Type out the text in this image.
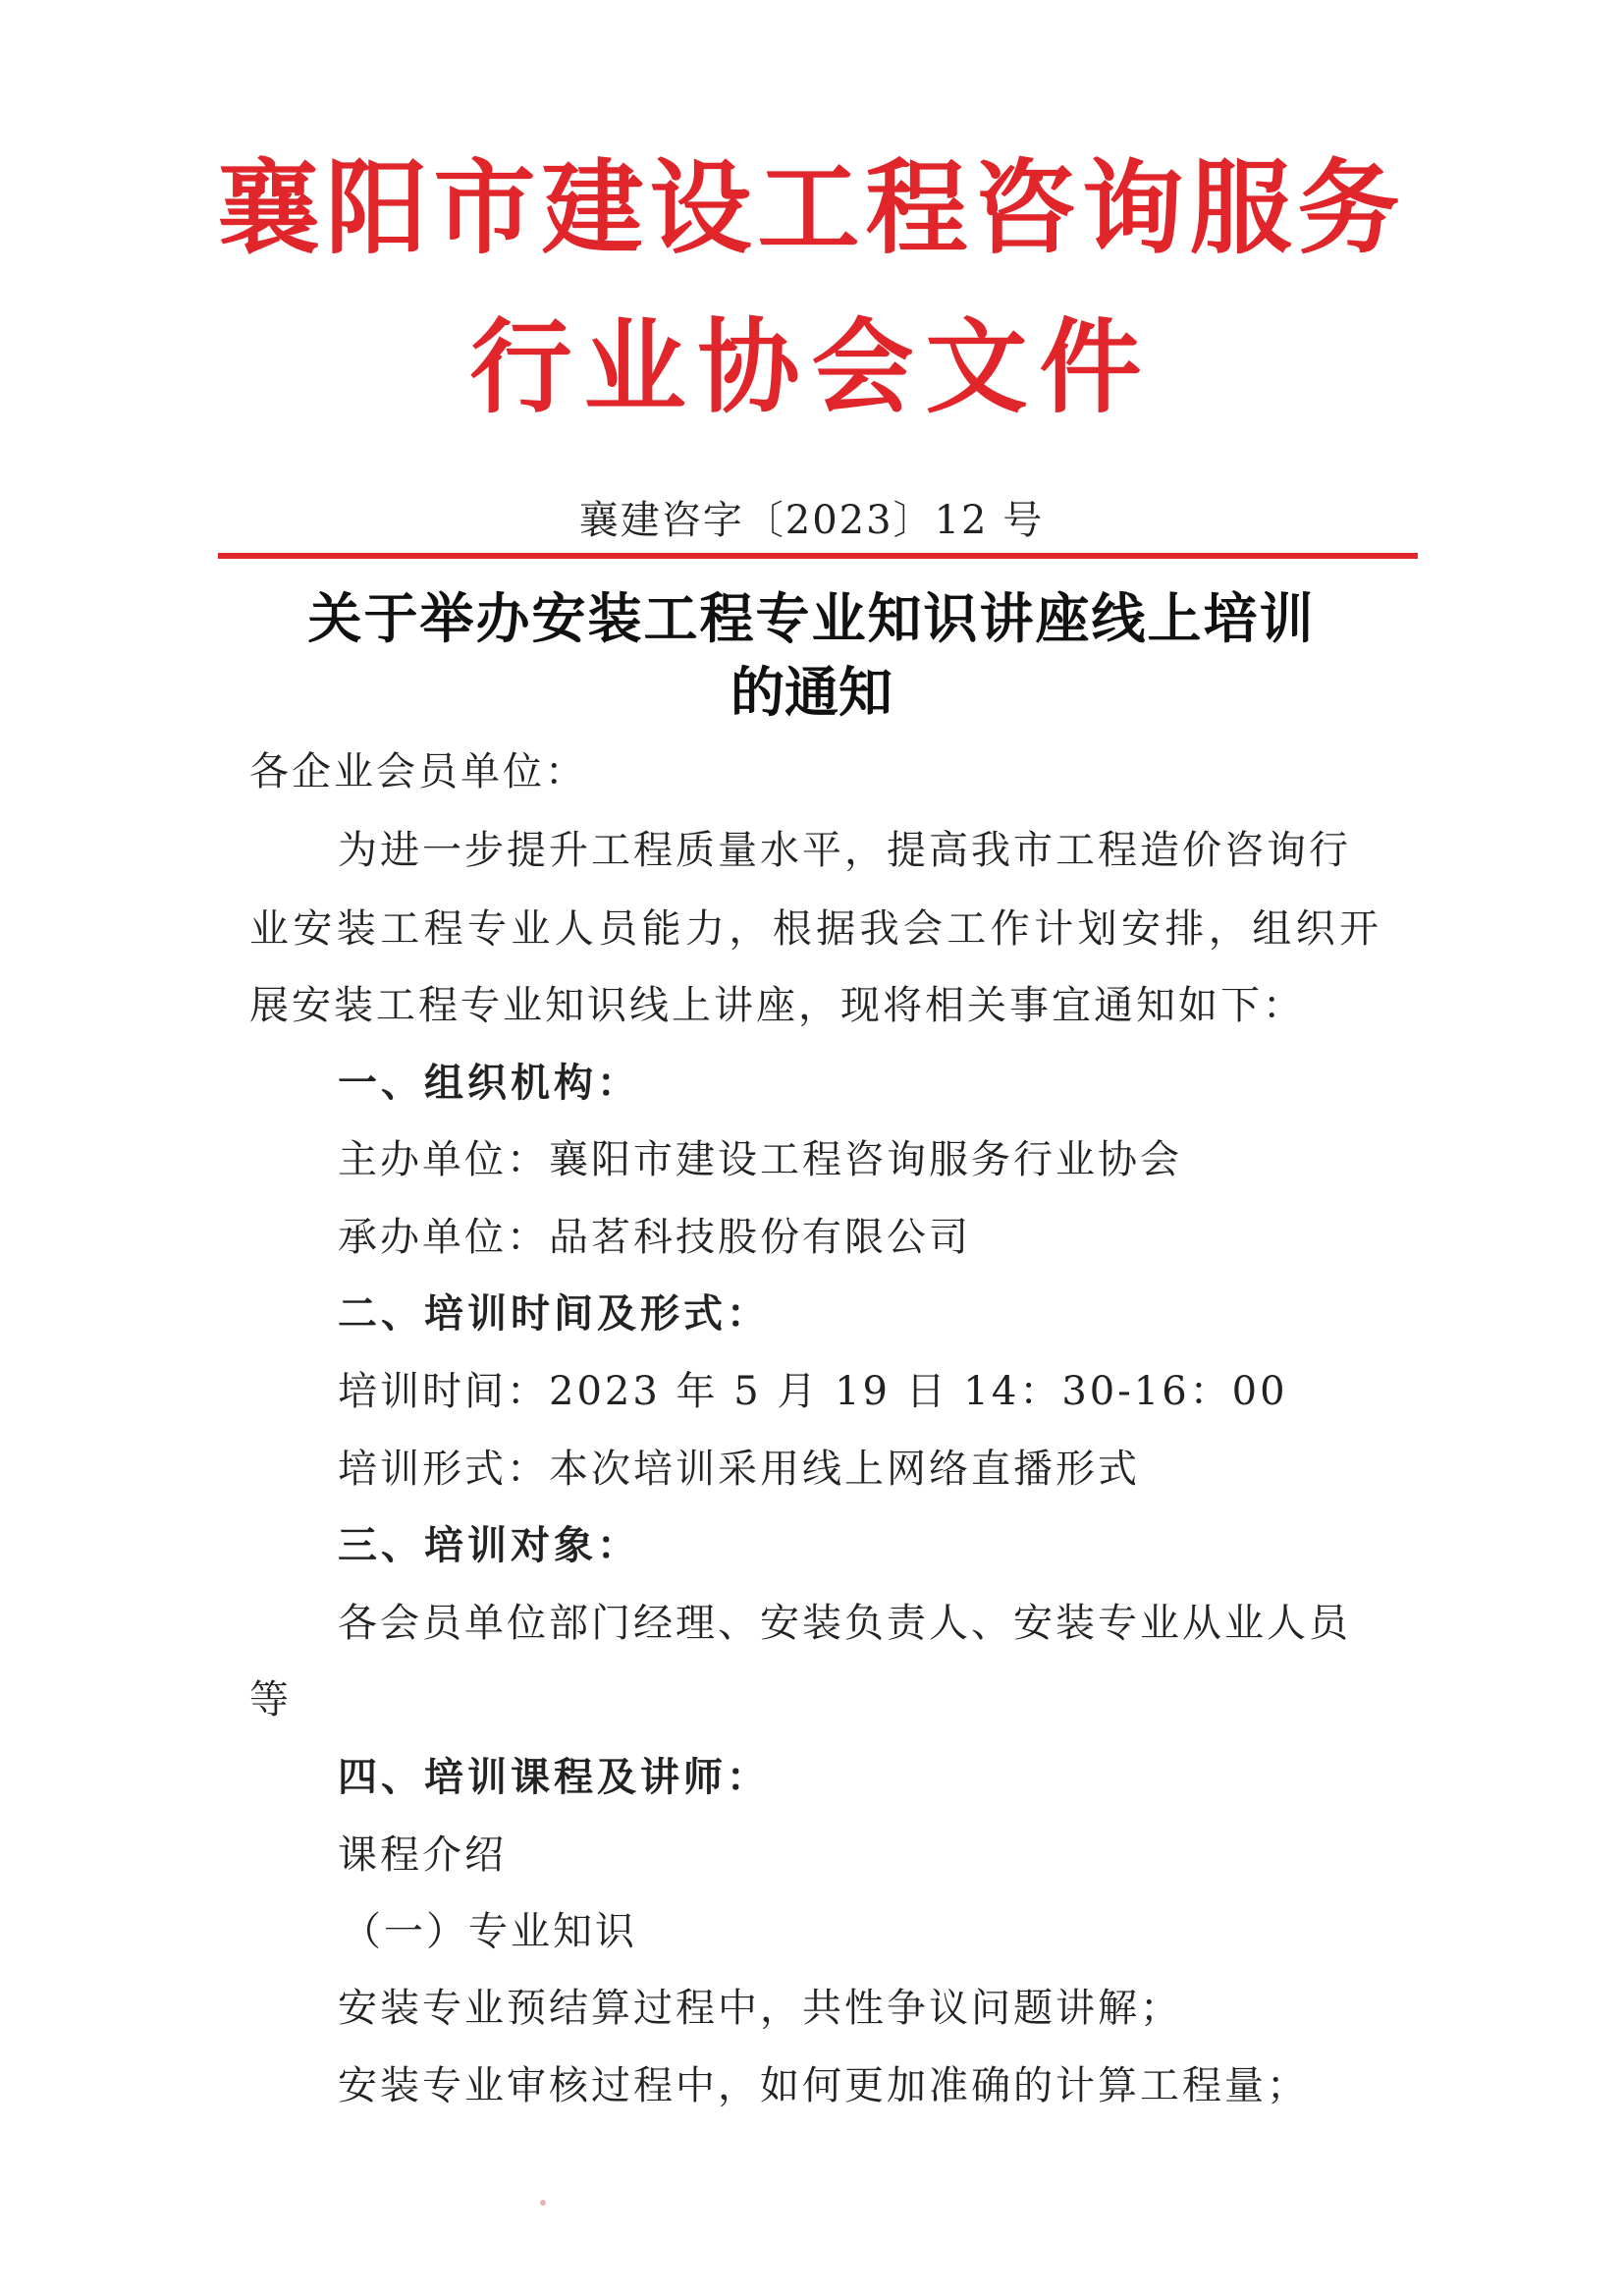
襄阳市建设工程咨询服务
行业协会文件
襄建咨字〔2023〕12 号
关于举办安装工程专业知识讲座线上培训
的通知
各企业会员单位：
为进一步提升工程质量水平，提高我市工程造价咨询行
业安装工程专业人员能力，根据我会工作计划安排，组织开
展安装工程专业知识线上讲座，现将相关事宜通知如下：
一、组织机构：
主办单位：襄阳市建设工程咨询服务行业协会
承办单位：品茗科技股份有限公司
二、培训时间及形式：
培训时间：2023 年 5 月 19 日 14：30-16：00
培训形式：本次培训采用线上网络直播形式
三、培训对象：
各会员单位部门经理、安装负责人、安装专业从业人员
等
四、培训课程及讲师：
课程介绍
（一）专业知识
安装专业预结算过程中，共性争议问题讲解；
安装专业审核过程中，如何更加准确的计算工程量；
